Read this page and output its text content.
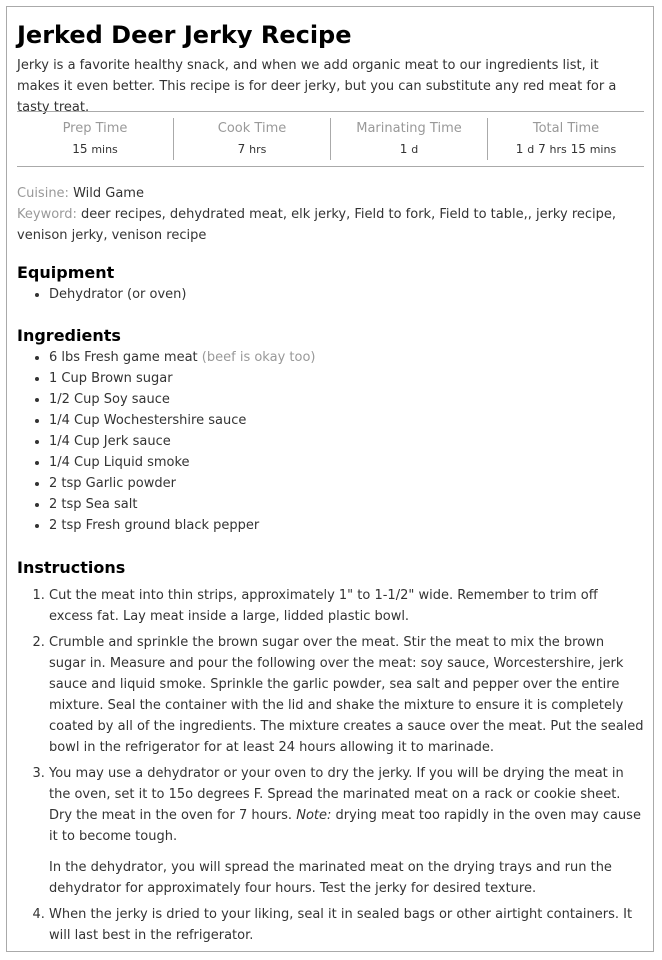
Jerked Deer Jerky Recipe

Jerky is a favorite healthy snack, and when we add organic meat to our ingredients list, it makes it even better. This recipe is for deer jerky, but you can substitute any red meat for a tasty treat.

Prep Time
15 mins
Cook Time
7 hrs
Marinating Time
1 d
Total Time
1 d 7 hrs 15 mins

Cuisine: Wild Game

Keyword: deer recipes, dehydrated meat, elk jerky, Field to fork, Field to table,, jerky recipe, venison jerky, venison recipe

Equipment
• Dehydrator (or oven)
Ingredients
• 6 lbs Fresh game meat (beef is okay too)
• 1 Cup Brown sugar
• 1/2 Cup Soy sauce
• 1/4 Cup Wochestershire sauce
• 1/4 Cup Jerk sauce
• 1/4 Cup Liquid smoke
• 2 tsp Garlic powder
• 2 tsp Sea salt
• 2 tsp Fresh ground black pepper
Instructions

1. Cut the meat into thin strips, approximately 1" to 1-1/2" wide. Remember to trim off excess fat. Lay meat inside a large, lidded plastic bowl.

2. Crumble and sprinkle the brown sugar over the meat. Stir the meat to mix the brown sugar in. Measure and pour the following over the meat: soy sauce, Worcestershire, jerk sauce and liquid smoke. Sprinkle the garlic powder, sea salt and pepper over the entire mixture. Seal the container with the lid and shake the mixture to ensure it is completely coated by all of the ingredients. The mixture creates a sauce over the meat. Put the sealed bowl in the refrigerator for at least 24 hours allowing it to marinade.

3. You may use a dehydrator or your oven to dry the jerky. If you will be drying the meat in the oven, set it to 15o degrees F. Spread the marinated meat on a rack or cookie sheet. Dry the meat in the oven for 7 hours. Note: drying meat too rapidly in the oven may cause it to become tough.

In the dehydrator, you will spread the marinated meat on the drying trays and run the dehydrator for approximately four hours. Test the jerky for desired texture.

4. When the jerky is dried to your liking, seal it in sealed bags or other airtight containers. It will last best in the refrigerator.
